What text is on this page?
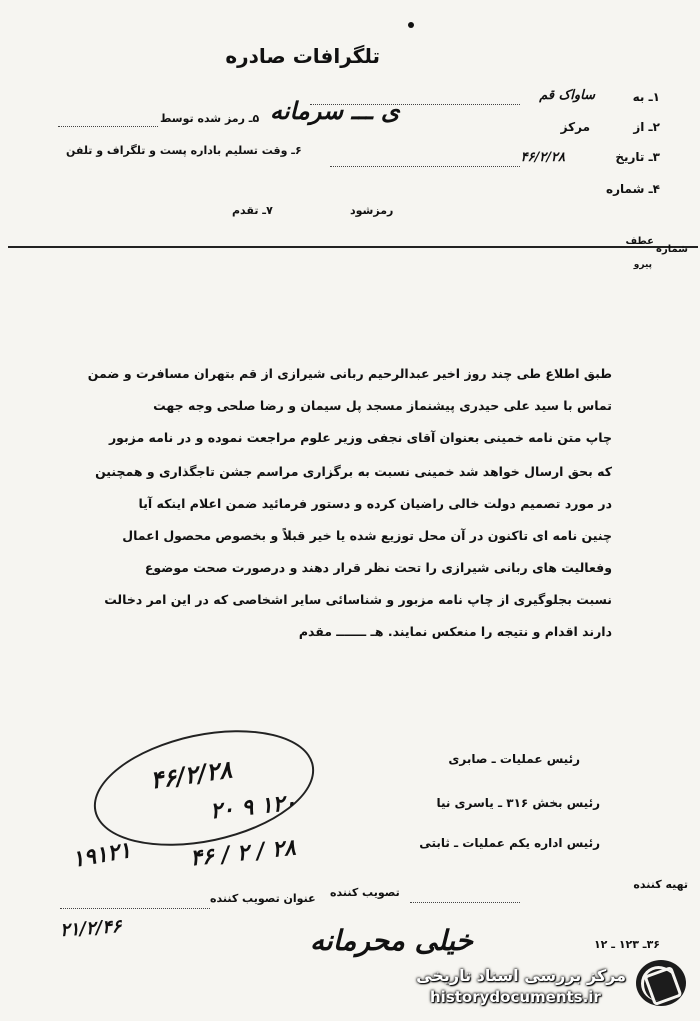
تلگرافات صادره
۱ـ به
ساواک قم
۲ـ از
مرکز
۳ـ تاریخ
۴۶/۲/۲۸
۴ـ شماره
ی ـــ سرمانه
۵ـ رمز شده توسط
۶ـ وقت تسلیم باداره پست و تلگراف و تلفن
رمزشود
۷ـ تقدم
شماره
عطف
پیرو
طبق اطلاع طی چند روز اخیر عبدالرحیم ربانی شیرازی از قم بتهران مسافرت و ضمن
تماس با سید علی حیدری پیشنماز مسجد پل سیمان و رضا صلحی وجه جهت
چاپ متن نامه خمینی بعنوان آقای نجفی وزیر علوم مراجعت نموده و در نامه مزبور
که بحق ارسال خواهد شد خمینی نسبت به برگزاری مراسم جشن تاجگذاری و همچنین
در مورد تصمیم دولت خالی راضیان کرده و دستور فرمائید ضمن اعلام اینکه آیا
چنین نامه ای تاکنون در آن محل توزیع شده یا خیر قبلاً و بخصوص محصول اعمال
وفعالیت های ربانی شیرازی را تحت نظر قرار دهند و درصورت صحت موضوع
نسبت بجلوگیری از چاپ نامه مزبور و شناسائی سایر اشخاصی که در این امر دخالت
دارند اقدام و نتیجه را منعکس نمایند. هـ ـــــــ مقدم
۴۶/۲/۲۸
۱۲۰ ۹ ۲۰
رئیس عملیات ـ صابری
رئیس بخش ۳۱۶ ـ یاسری نیا
رئیس اداره یکم عملیات ـ ثابتی
۱۹۱۲۱	۲۸ / ۲ / ۴۶
تهیه کننده
تصویب کننده
عنوان تصویب کننده
۲۱/۲/۴۶	خیلی محرمانه	۳۶ـ ۱۲۳ ـ ۱۲
مرکز بررسی اسناد تاریخی
historydocuments.ir
